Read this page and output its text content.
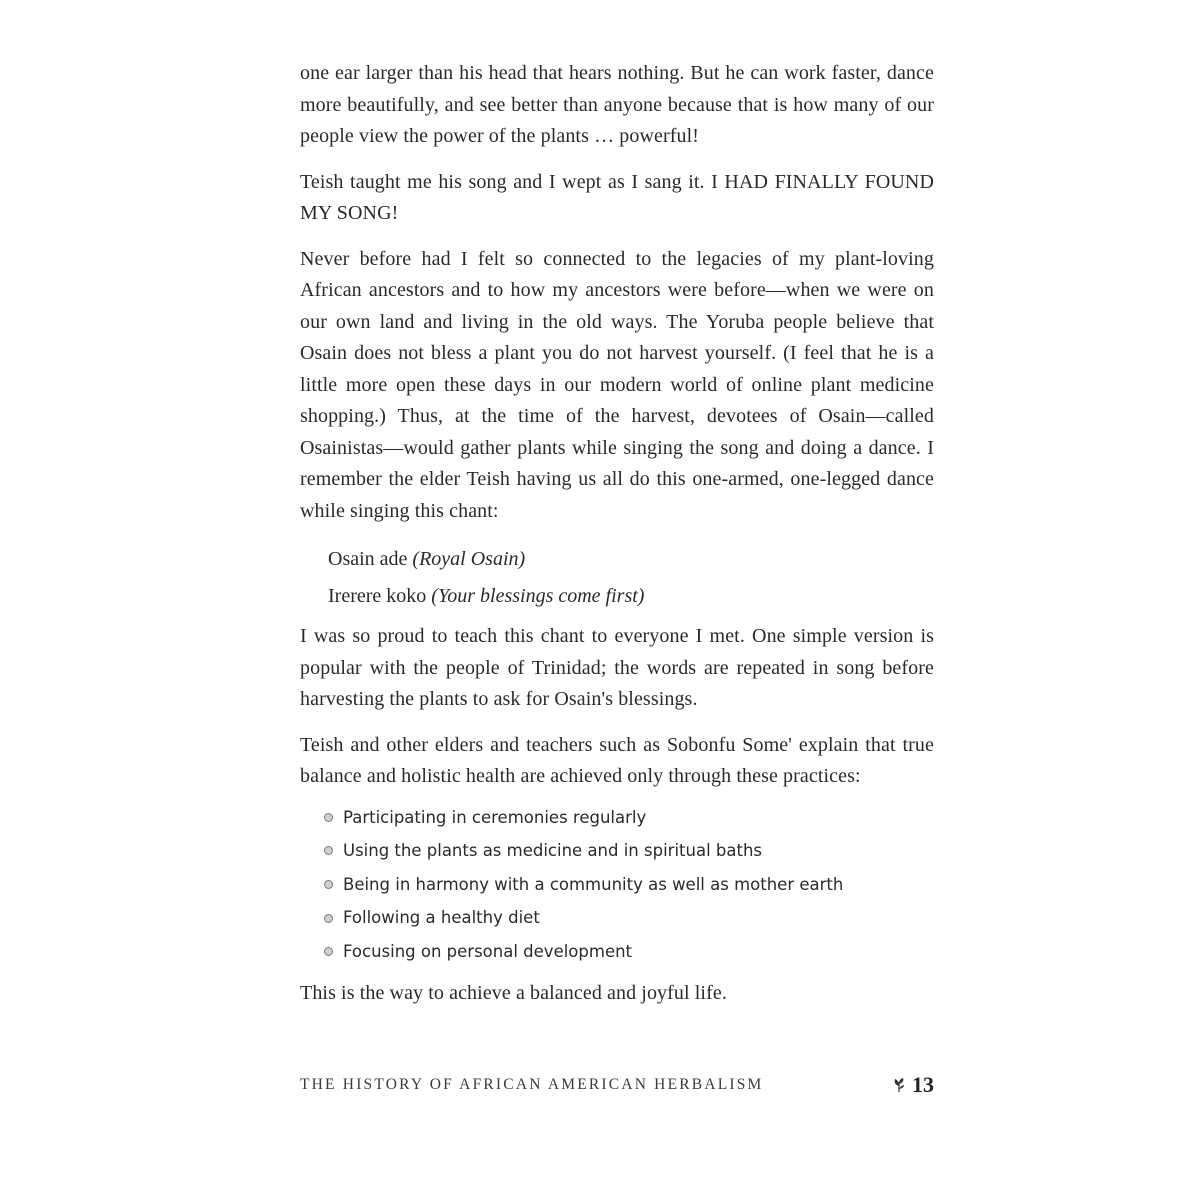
one ear larger than his head that hears nothing. But he can work faster, dance more beautifully, and see better than anyone because that is how many of our people view the power of the plants … powerful!

Teish taught me his song and I wept as I sang it. I HAD FINALLY FOUND MY SONG!

Never before had I felt so connected to the legacies of my plant-loving African ancestors and to how my ancestors were before—when we were on our own land and living in the old ways. The Yoruba people believe that Osain does not bless a plant you do not harvest yourself. (I feel that he is a little more open these days in our modern world of online plant medicine shopping.) Thus, at the time of the harvest, devotees of Osain—called Osainistas—would gather plants while singing the song and doing a dance. I remember the elder Teish having us all do this one-armed, one-legged dance while singing this chant:

Osain ade (Royal Osain)
Irerere koko (Your blessings come first)

I was so proud to teach this chant to everyone I met. One simple version is popular with the people of Trinidad; the words are repeated in song before harvesting the plants to ask for Osain's blessings.

Teish and other elders and teachers such as Sobonfu Some' explain that true balance and holistic health are achieved only through these practices:

Participating in ceremonies regularly
Using the plants as medicine and in spiritual baths
Being in harmony with a community as well as mother earth
Following a healthy diet
Focusing on personal development

This is the way to achieve a balanced and joyful life.

THE HISTORY OF AFRICAN AMERICAN HERBALISM	13
